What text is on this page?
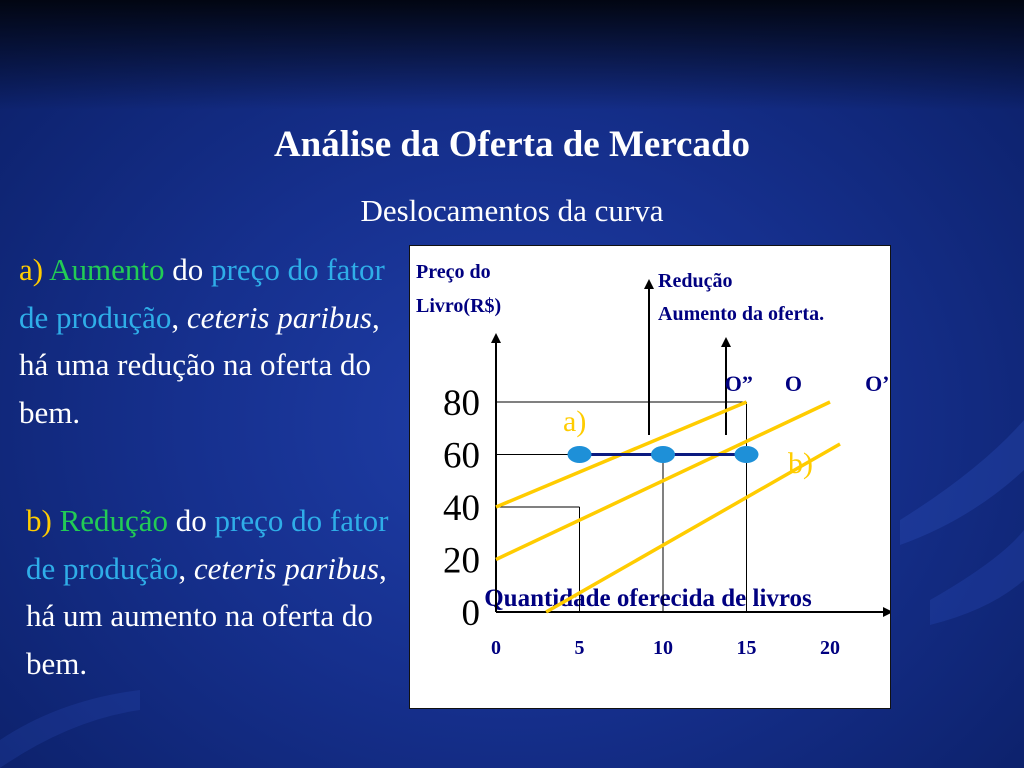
Análise da Oferta de Mercado

Deslocamentos da curva

a) Aumento do preço do fator de produção, ceteris paribus, há uma redução na oferta do bem.

b) Redução do preço do fator de produção, ceteris paribus, há um aumento na oferta do bem.

Preço do
Livro(R$)
Redução
Aumento da oferta.
Quantidade oferecida de livros
O” O	O’
a)
b)
0
20
40
60
80
0	5	10	15	20
